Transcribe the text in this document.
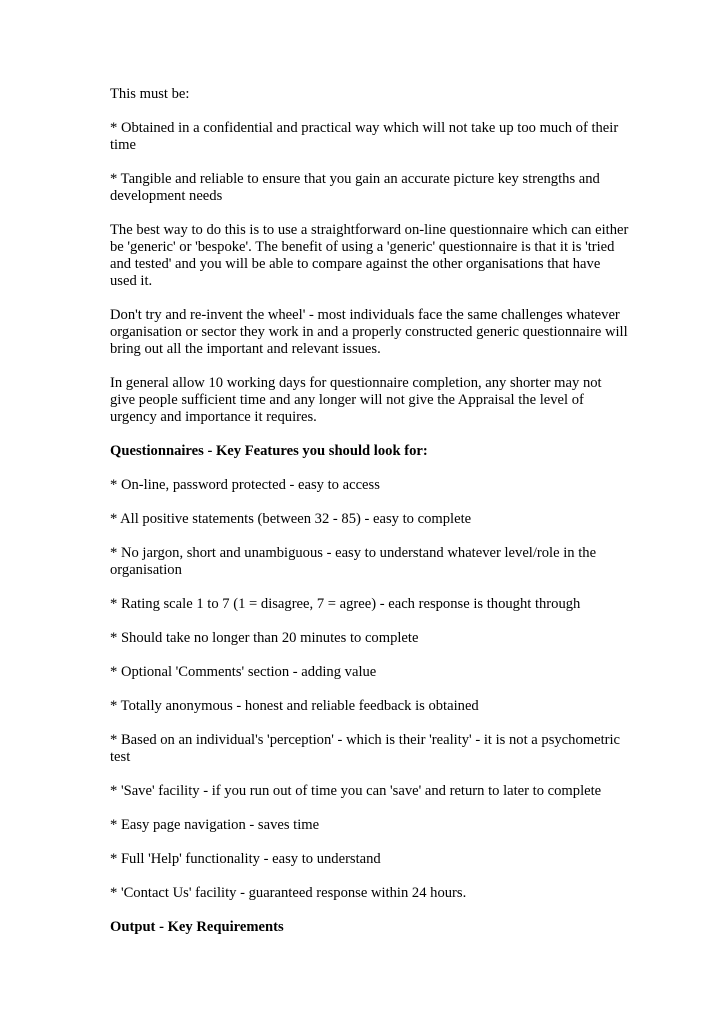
This must be:

* Obtained in a confidential and practical way which will not take up too much of their time

* Tangible and reliable to ensure that you gain an accurate picture key strengths and development needs

The best way to do this is to use a straightforward on-line questionnaire which can either be 'generic' or 'bespoke'. The benefit of using a 'generic' questionnaire is that it is 'tried and tested' and you will be able to compare against the other organisations that have used it.

Don't try and re-invent the wheel' - most individuals face the same challenges whatever organisation or sector they work in and a properly constructed generic questionnaire will bring out all the important and relevant issues.

In general allow 10 working days for questionnaire completion, any shorter may not give people sufficient time and any longer will not give the Appraisal the level of urgency and importance it requires.

Questionnaires - Key Features you should look for:

* On-line, password protected - easy to access

* All positive statements (between 32 - 85) - easy to complete

* No jargon, short and unambiguous - easy to understand whatever level/role in the organisation

* Rating scale 1 to 7 (1 = disagree, 7 = agree) - each response is thought through

* Should take no longer than 20 minutes to complete

* Optional 'Comments' section - adding value

* Totally anonymous - honest and reliable feedback is obtained

* Based on an individual's 'perception' - which is their 'reality' - it is not a psychometric test

* 'Save' facility - if you run out of time you can 'save' and return to later to complete

* Easy page navigation - saves time

* Full 'Help' functionality - easy to understand

* 'Contact Us' facility - guaranteed response within 24 hours.

Output - Key Requirements
